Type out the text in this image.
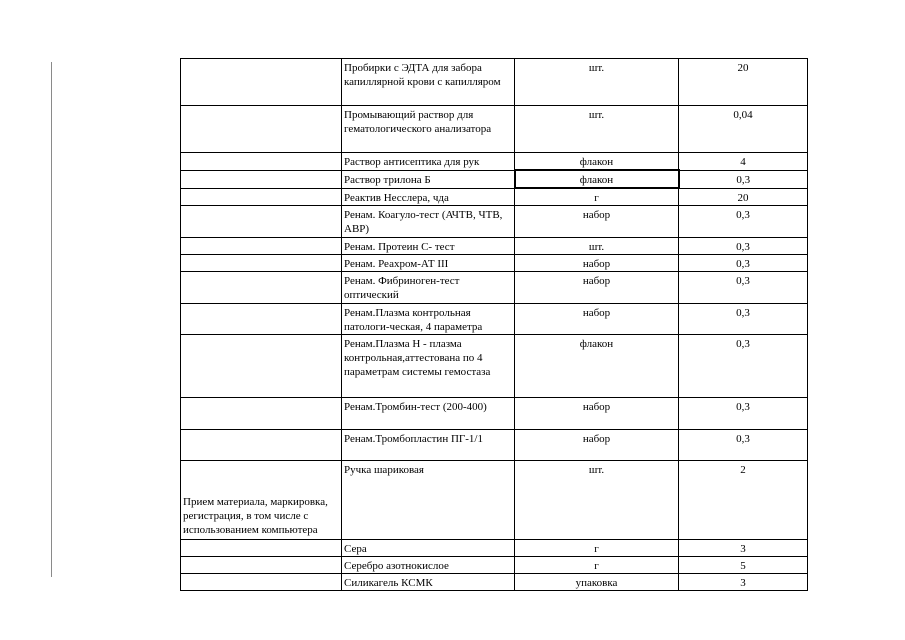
	Пробирки с ЭДТА для забора капиллярной крови с капилляром	шт.	20
	Промывающий раствор для гематологического анализатора	шт.	0,04
	Раствор антисептика для рук	флакон	4
	Раствор трилона Б	флакон	0,3
	Реактив Несслера, чда	г	20
	Ренам. Коагуло-тест (АЧТВ, ЧТВ, АВР)	набор	0,3
	Ренам. Протеин С- тест	шт.	0,3
	Ренам. Реахром-АТ III	набор	0,3
	Ренам. Фибриноген-тест оптический	набор	0,3
	Ренам.Плазма контрольная патологи-ческая, 4 параметра	набор	0,3
	Ренам.Плазма Н - плазма контрольная,аттестована по 4 параметрам системы гемостаза	флакон	0,3
	Ренам.Тромбин-тест (200-400)	набор	0,3
	Ренам.Тромбопластин ПГ-1/1	набор	0,3
Прием материала, маркировка, регистрация, в том числе с использованием компьютера	Ручка шариковая	шт.	2
	Сера	г	3
	Серебро азотнокислое	г	5
	Силикагель КСМК	упаковка	3
